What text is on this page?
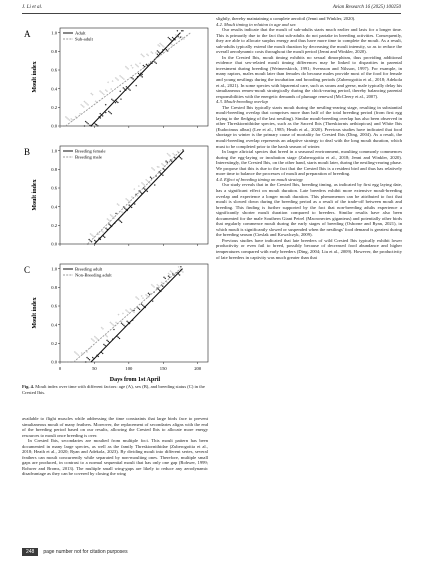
J. Li et al.	Avian Research 16 (2025) 100250
A
Moult index
0.0
0.2
0.4
0.6
0.8
1.0	Adult
Sub-adult
B
Moult index
0.0
0.2
0.4
0.6
0.8
1.0	Breeding female
Breeding male
C
Moult index
0.0
0.2
0.4
0.6
0.8
1.0
0	50	100	150	200
Breeding adult
Non-Breeding adult
Days from 1st April
Fig. 4. Moult index over time with different factors: age (A), sex (B), and breeding status (C) in the Crested Ibis.

available to flight muscles while addressing the time constraints that large birds face to prevent simultaneous moult of many feathers. Moreover, the replacement of secondaries aligns with the end of the breeding period based on our results, allowing the Crested Ibis to allocate more energy resources to moult once breeding is over.

In Crested Ibis, secondaries are moulted from multiple foci. This moult pattern has been documented in many large species, as well as the family Threskiornithidae (Zuberogoitia et al., 2018; Heath et al., 2020; Ryan and Adekola, 2023). By dividing moult into different series, several feathers can moult concurrently while separated by non-moulting ones. Therefore, multiple small gaps are produced, in contrast to a normal sequential moult that has only one gap (Rohwer, 1999; Rohwer and Broms, 2013). The multiple small wing-gaps are likely to reduce any aerodynamic disadvantage as they can be covered by closing the wing

slightly, thereby maintaining a complete aerofoil (Jenni and Winkler, 2020).

4.2. Moult timing in relation to age and sex

Our results indicate that the moult of sub-adults starts much earlier and lasts for a longer time. This is primarily due to the fact that sub-adults do not partake in breeding activities. Consequently, they are able to allocate surplus energy and thus have more time to complete the moult. As a result, sub-adults typically extend the moult duration by decreasing the moult intensity, so as to reduce the overall aerodynamic costs throughout the moult period (Jenni and Winkler, 2020).

In the Crested Ibis, moult timing exhibits no sexual dimorphism, thus providing additional evidence that sex-related moult timing differences may be linked to disparities in parental investment during breeding (Weimerskirch, 1991; Svensson and Nilsson, 1997). For example, in many raptors, males moult later than females do because males provide most of the food for female and young nestlings during the incubation and brooding periods (Zuberogoitia et al., 2018; Adekola et al., 2021). In some species with biparental care, such as swans and geese, male typically delay his simultaneous remex-moult strategically during the chick-rearing period, thereby balancing parental responsibilities with the energetic demands of plumage renewal (McCleery et al., 2007).

4.3. Moult-breeding overlap

The Crested Ibis typically starts moult during the nestling-rearing stage, resulting in substantial moult-breeding overlap that comprises more than half of the total breeding period (from first egg laying to the fledging of the last nestling). Similar moult-breeding overlap has also been observed in other Threskiornithidae species, such as the Sacred Ibis (Threskiornis aethiopicus) and White Ibis (Eudocimus albus) (Lee et al., 1985; Heath et al., 2020). Previous studies have indicated that food shortage in winter is the primary cause of mortality for Crested Ibis (Ding, 2004). As a result, the moult-breeding overlap represents an adaptive strategy to deal with the long moult duration, which must to be completed prior to the harsh season of winter.

In larger altricial species that breed in a seasonal environment, moulting commonly commences during the egg-laying or incubation stage (Zuberogoitia et al., 2018; Jenni and Winkler, 2020). Interestingly, the Crested Ibis, on the other hand, starts moult later, during the nestling-rearing phase. We propose that this is due to the fact that the Crested Ibis is a resident bird and thus has relatively more time to balance the processes of moult and preparation of breeding.

4.4. Effect of breeding timing on moult strategy

Our study reveals that in the Crested Ibis, breeding timing, as indicated by first egg laying date, has a significant effect on moult duration. Late breeders exhibit more extensive moult-breeding overlap and experience a longer moult duration. This phenomenon can be attributed to fact that moult is slowed down during the breeding period as a result of the trade-off between moult and breeding. This finding is further supported by the fact that non-breeding adults experience a significantly shorter moult duration compared to breeders. Similar results have also been documented for the male Southern Giant Petrel (Macronectes giganteus) and potentially other birds that regularly commence moult during the early stages of breeding (Osborne and Ryan, 2021), in which moult is significantly slowed or suspended when the nestlings' food demand is greatest during the breeding season (Cieslak and Kowalczyk, 2009).

Previous studies have indicated that late breeders of wild Crested Ibis typically exhibit lower productivity or even fail to breed, possibly because of decreased food abundance and higher temperatures compared with early breeders (Ding, 2004; Liu et al., 2009). However, the productivity of late breeders in captivity was much greater than that

248	page number not for citation purposes
